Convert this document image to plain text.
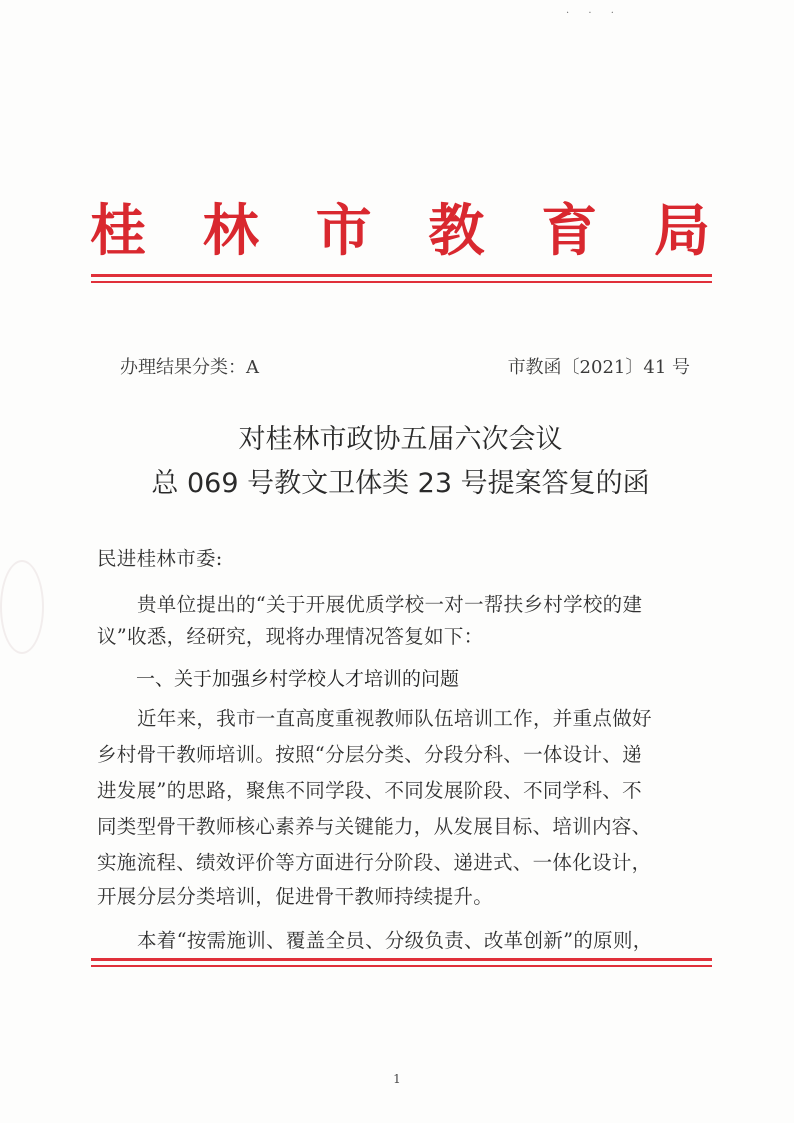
· · ·
桂 林 市 教 育 局
办理结果分类：A	市教函〔2021〕41 号
对桂林市政协五届六次会议
总 069 号教文卫体类 23 号提案答复的函
民进桂林市委:
贵单位提出的“关于开展优质学校一对一帮扶乡村学校的建
议”收悉，经研究，现将办理情况答复如下：
一、关于加强乡村学校人才培训的问题
近年来，我市一直高度重视教师队伍培训工作，并重点做好
乡村骨干教师培训。按照“分层分类、分段分科、一体设计、递
进发展”的思路，聚焦不同学段、不同发展阶段、不同学科、不
同类型骨干教师核心素养与关键能力，从发展目标、培训内容、
实施流程、绩效评价等方面进行分阶段、递进式、一体化设计，
开展分层分类培训，促进骨干教师持续提升。
本着“按需施训、覆盖全员、分级负责、改革创新”的原则，
1
